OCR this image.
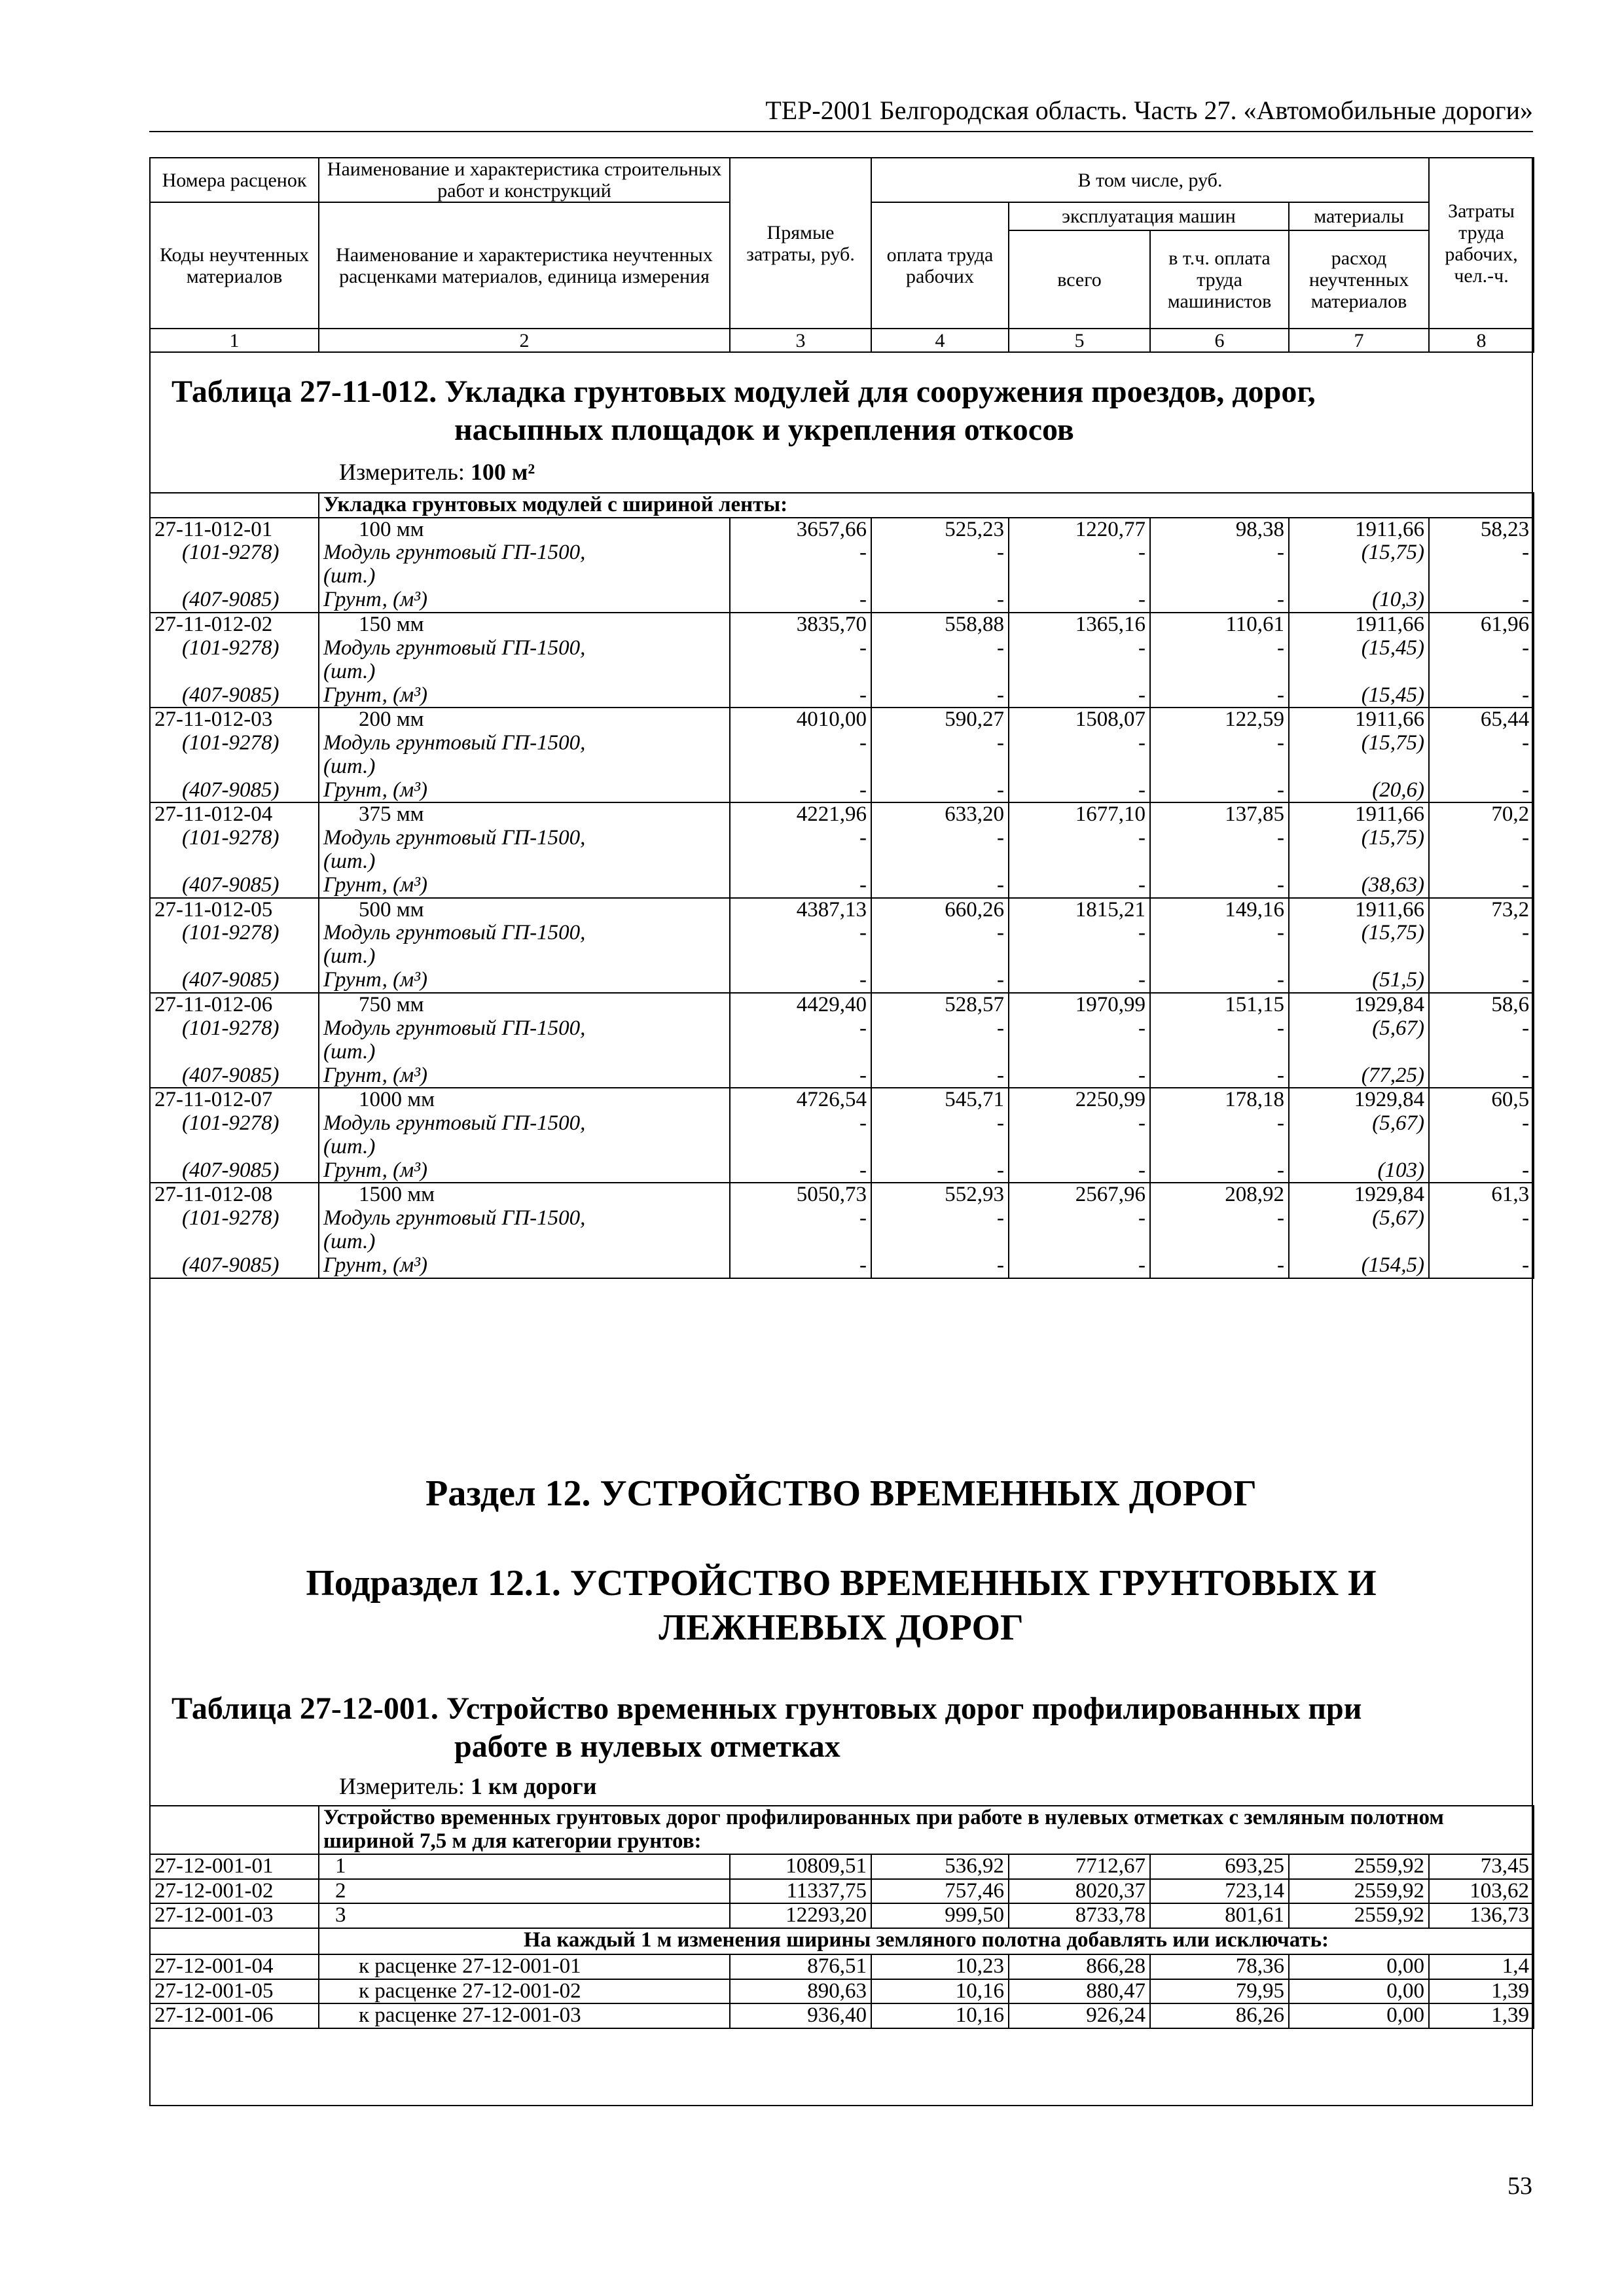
ТЕР-2001 Белгородская область. Часть 27. «Автомобильные дороги»
Номера расценок	Наименование и характеристика строительных работ и конструкций	Прямые затраты, руб.	В том числе, руб.				Затраты труда рабочих, чел.-ч.
Коды неучтенных материалов	Наименование и характеристика неучтенных расценками материалов, единица измерения		оплата труда рабочих	эксплуатация машин		материалы	
				всего	в т.ч. оплата труда машинистов	расход неучтенных материалов	
1	2	3	4	5	6	7	8
Таблица 27-11-012. Укладка грунтовых модулей для сооружения проездов, дорог,
насыпных площадок и укрепления откосов
Измеритель: 100 м²
	Укладка грунтовых модулей с шириной ленты:						
27-11-012-01	100 мм	3657,66	525,23	1220,77	98,38	1911,66	58,23
(101-9278)	Модуль грунтовый ГП-1500,	-	-	-	-	(15,75)	-
	(шт.)						
(407-9085)	Грунт, (м³)	-	-	-	-	(10,3)	-
27-11-012-02	150 мм	3835,70	558,88	1365,16	110,61	1911,66	61,96
(101-9278)	Модуль грунтовый ГП-1500,	-	-	-	-	(15,45)	-
	(шт.)						
(407-9085)	Грунт, (м³)	-	-	-	-	(15,45)	-
27-11-012-03	200 мм	4010,00	590,27	1508,07	122,59	1911,66	65,44
(101-9278)	Модуль грунтовый ГП-1500,	-	-	-	-	(15,75)	-
	(шт.)						
(407-9085)	Грунт, (м³)	-	-	-	-	(20,6)	-
27-11-012-04	375 мм	4221,96	633,20	1677,10	137,85	1911,66	70,2
(101-9278)	Модуль грунтовый ГП-1500,	-	-	-	-	(15,75)	-
	(шт.)						
(407-9085)	Грунт, (м³)	-	-	-	-	(38,63)	-
27-11-012-05	500 мм	4387,13	660,26	1815,21	149,16	1911,66	73,2
(101-9278)	Модуль грунтовый ГП-1500,	-	-	-	-	(15,75)	-
	(шт.)						
(407-9085)	Грунт, (м³)	-	-	-	-	(51,5)	-
27-11-012-06	750 мм	4429,40	528,57	1970,99	151,15	1929,84	58,6
(101-9278)	Модуль грунтовый ГП-1500,	-	-	-	-	(5,67)	-
	(шт.)						
(407-9085)	Грунт, (м³)	-	-	-	-	(77,25)	-
27-11-012-07	1000 мм	4726,54	545,71	2250,99	178,18	1929,84	60,5
(101-9278)	Модуль грунтовый ГП-1500,	-	-	-	-	(5,67)	-
	(шт.)						
(407-9085)	Грунт, (м³)	-	-	-	-	(103)	-
27-11-012-08	1500 мм	5050,73	552,93	2567,96	208,92	1929,84	61,3
(101-9278)	Модуль грунтовый ГП-1500,	-	-	-	-	(5,67)	-
	(шт.)						
(407-9085)	Грунт, (м³)	-	-	-	-	(154,5)	-
Раздел 12. УСТРОЙСТВО ВРЕМЕННЫХ ДОРОГ
Подраздел 12.1. УСТРОЙСТВО ВРЕМЕННЫХ ГРУНТОВЫХ И
ЛЕЖНЕВЫХ ДОРОГ
Таблица 27-12-001. Устройство временных грунтовых дорог профилированных при
работе в нулевых отметках
Измеритель: 1 км дороги
	Устройство временных грунтовых дорог профилированных при работе в нулевых отметках с земляным полотном шириной 7,5 м для категории грунтов:						
27-12-001-01	1	10809,51	536,92	7712,67	693,25	2559,92	73,45
27-12-001-02	2	11337,75	757,46	8020,37	723,14	2559,92	103,62
27-12-001-03	3	12293,20	999,50	8733,78	801,61	2559,92	136,73
	На каждый 1 м изменения ширины земляного полотна добавлять или исключать:						
27-12-001-04	к расценке 27-12-001-01	876,51	10,23	866,28	78,36	0,00	1,4
27-12-001-05	к расценке 27-12-001-02	890,63	10,16	880,47	79,95	0,00	1,39
27-12-001-06	к расценке 27-12-001-03	936,40	10,16	926,24	86,26	0,00	1,39
53
